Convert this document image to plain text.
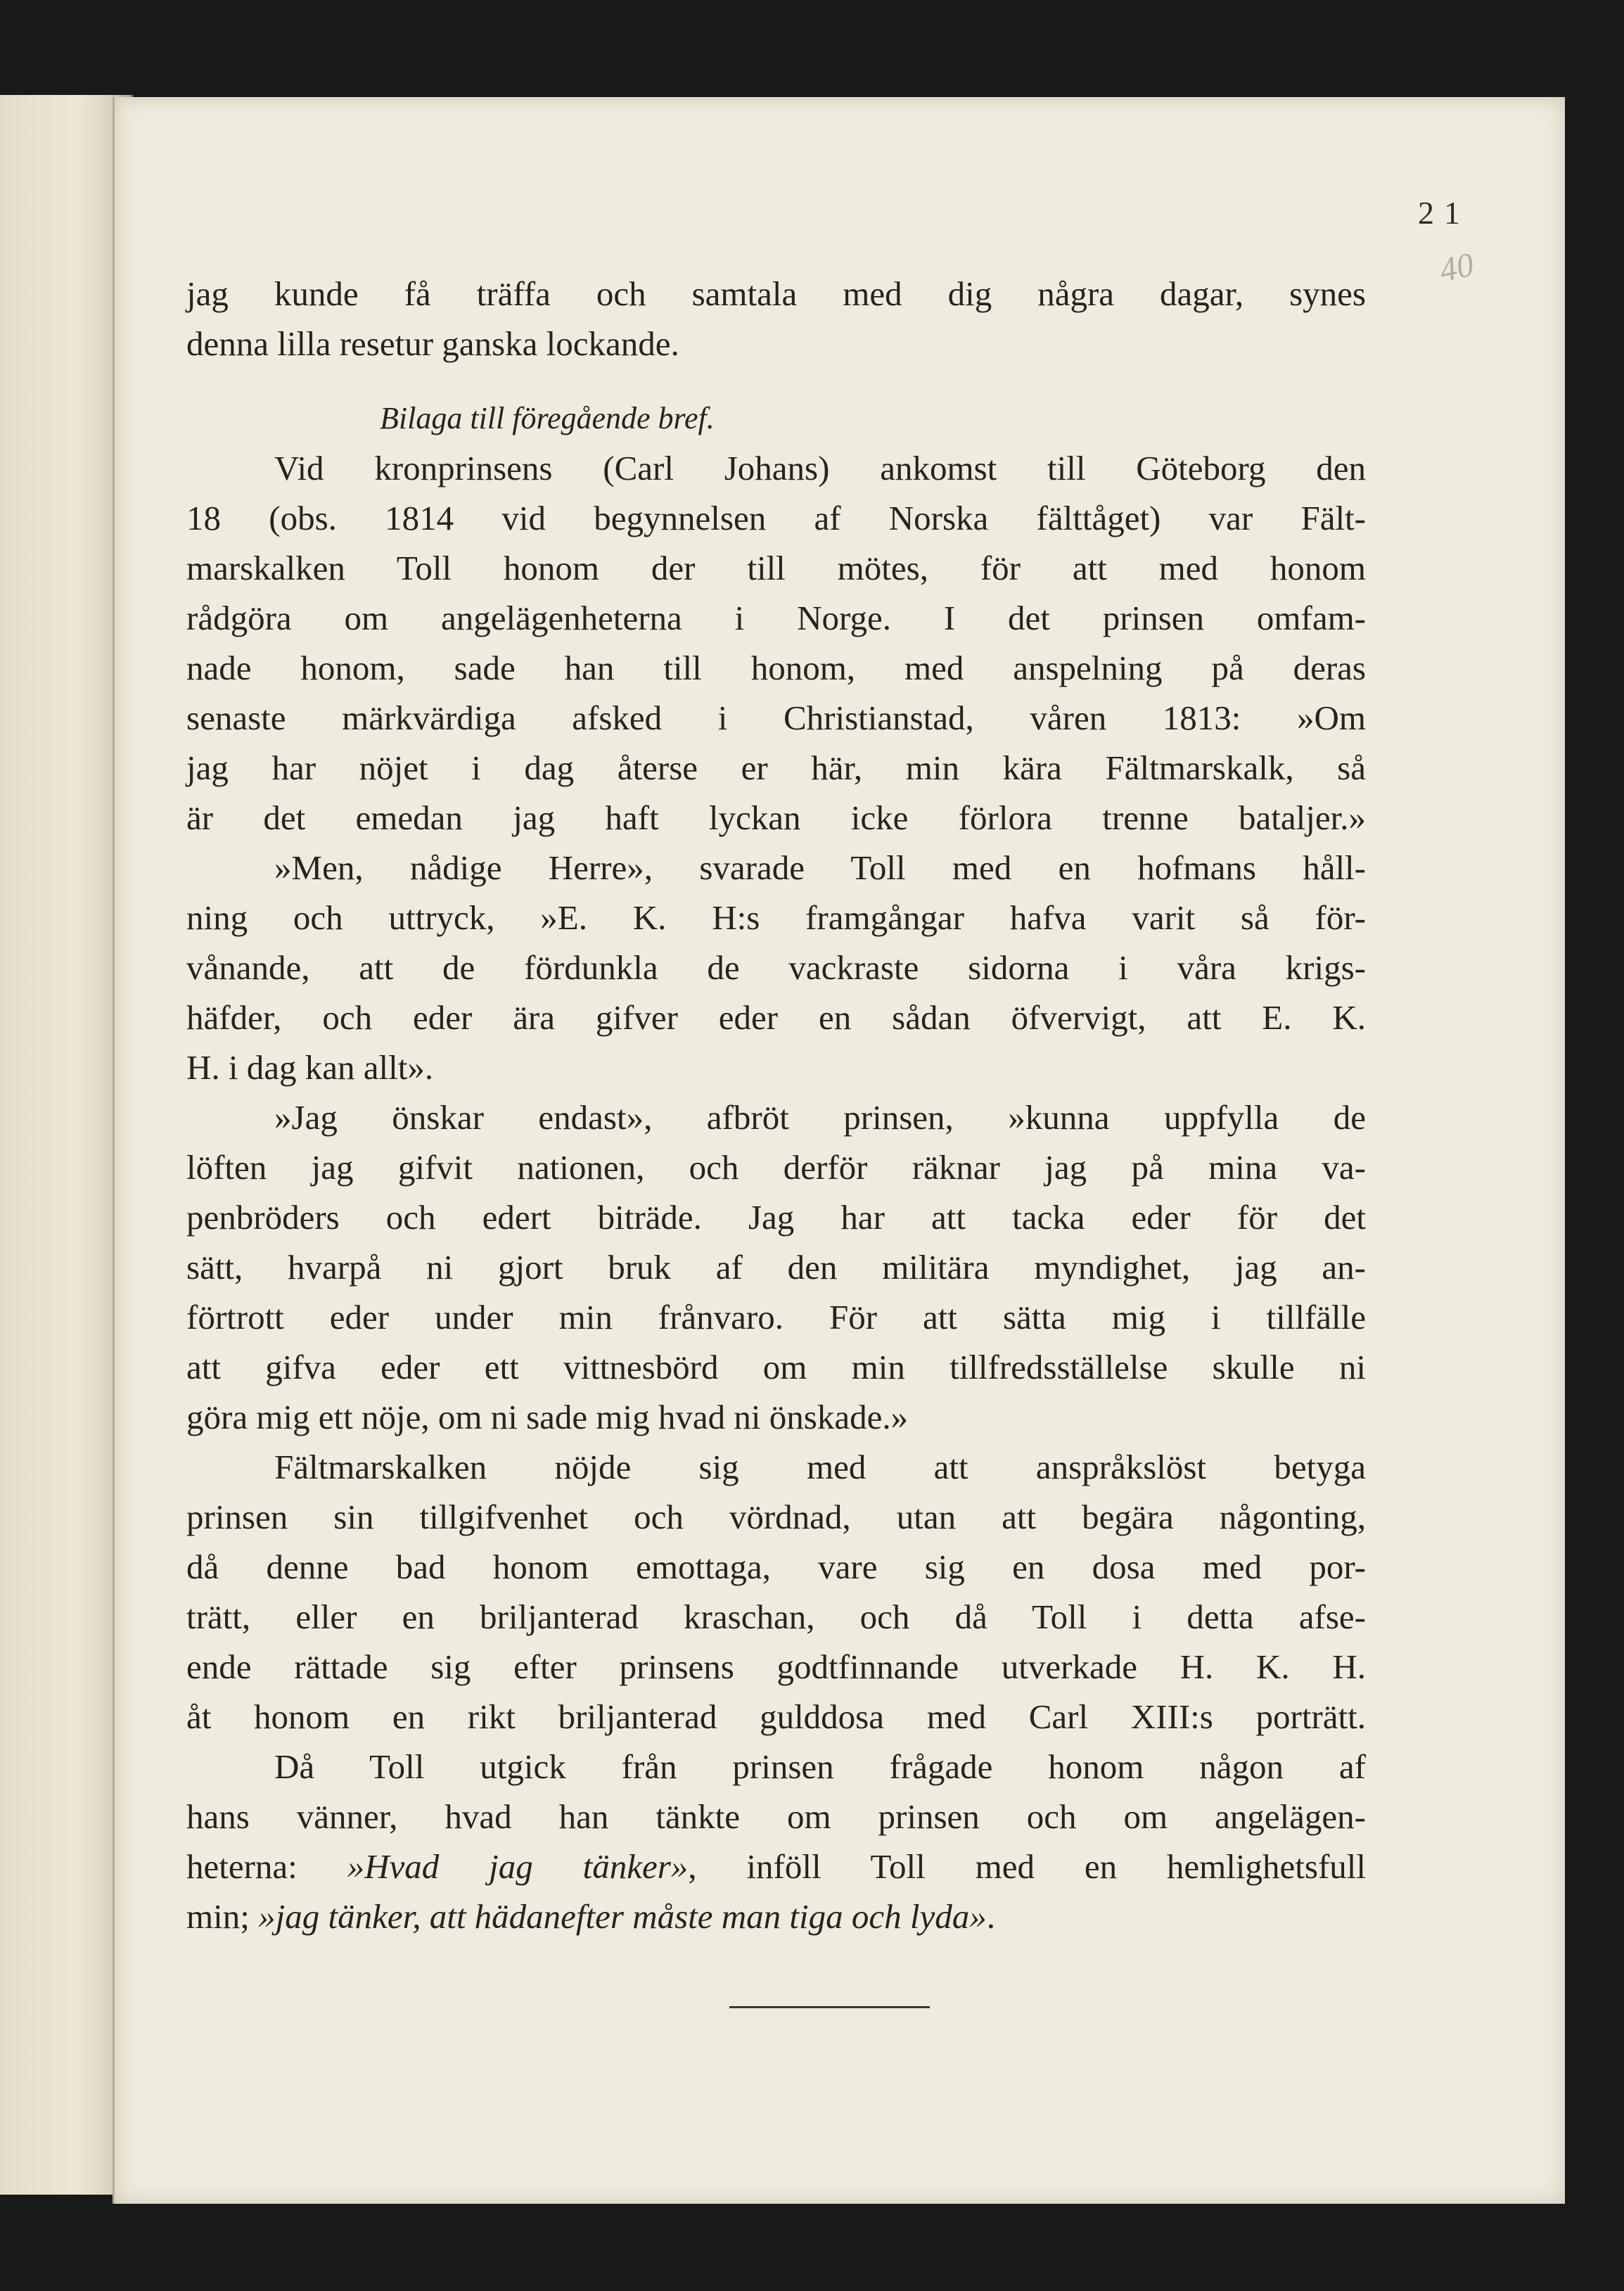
40
21
jag kunde få träffa och samtala med dig några dagar, synes
denna lilla resetur ganska lockande.
Bilaga till föregående bref.
Vid kronprinsens (Carl Johans) ankomst till Göteborg den
18 (obs. 1814 vid begynnelsen af Norska fälttåget) var Fält-
marskalken Toll honom der till mötes, för att med honom
rådgöra om angelägenheterna i Norge. I det prinsen omfam-
nade honom, sade han till honom, med anspelning på deras
senaste märkvärdiga afsked i Christianstad, våren 1813: »Om
jag har nöjet i dag återse er här, min kära Fältmarskalk, så
är det emedan jag haft lyckan icke förlora trenne bataljer.»
»Men, nådige Herre», svarade Toll med en hofmans håll-
ning och uttryck, »E. K. H:s framgångar hafva varit så för-
vånande, att de fördunkla de vackraste sidorna i våra krigs-
häfder, och eder ära gifver eder en sådan öfvervigt, att E. K.
H. i dag kan allt».
»Jag önskar endast», afbröt prinsen, »kunna uppfylla de
löften jag gifvit nationen, och derför räknar jag på mina va-
penbröders och edert biträde. Jag har att tacka eder för det
sätt, hvarpå ni gjort bruk af den militära myndighet, jag an-
förtrott eder under min frånvaro. För att sätta mig i tillfälle
att gifva eder ett vittnesbörd om min tillfredsställelse skulle ni
göra mig ett nöje, om ni sade mig hvad ni önskade.»
Fältmarskalken nöjde sig med att anspråkslöst betyga
prinsen sin tillgifvenhet och vördnad, utan att begära någonting,
då denne bad honom emottaga, vare sig en dosa med por-
trätt, eller en briljanterad kraschan, och då Toll i detta afse-
ende rättade sig efter prinsens godtfinnande utverkade H. K. H.
åt honom en rikt briljanterad gulddosa med Carl XIII:s porträtt.
Då Toll utgick från prinsen frågade honom någon af
hans vänner, hvad han tänkte om prinsen och om angelägen-
heterna: »Hvad jag tänker», inföll Toll med en hemlighetsfull
min; »jag tänker, att hädanefter måste man tiga och lyda».
